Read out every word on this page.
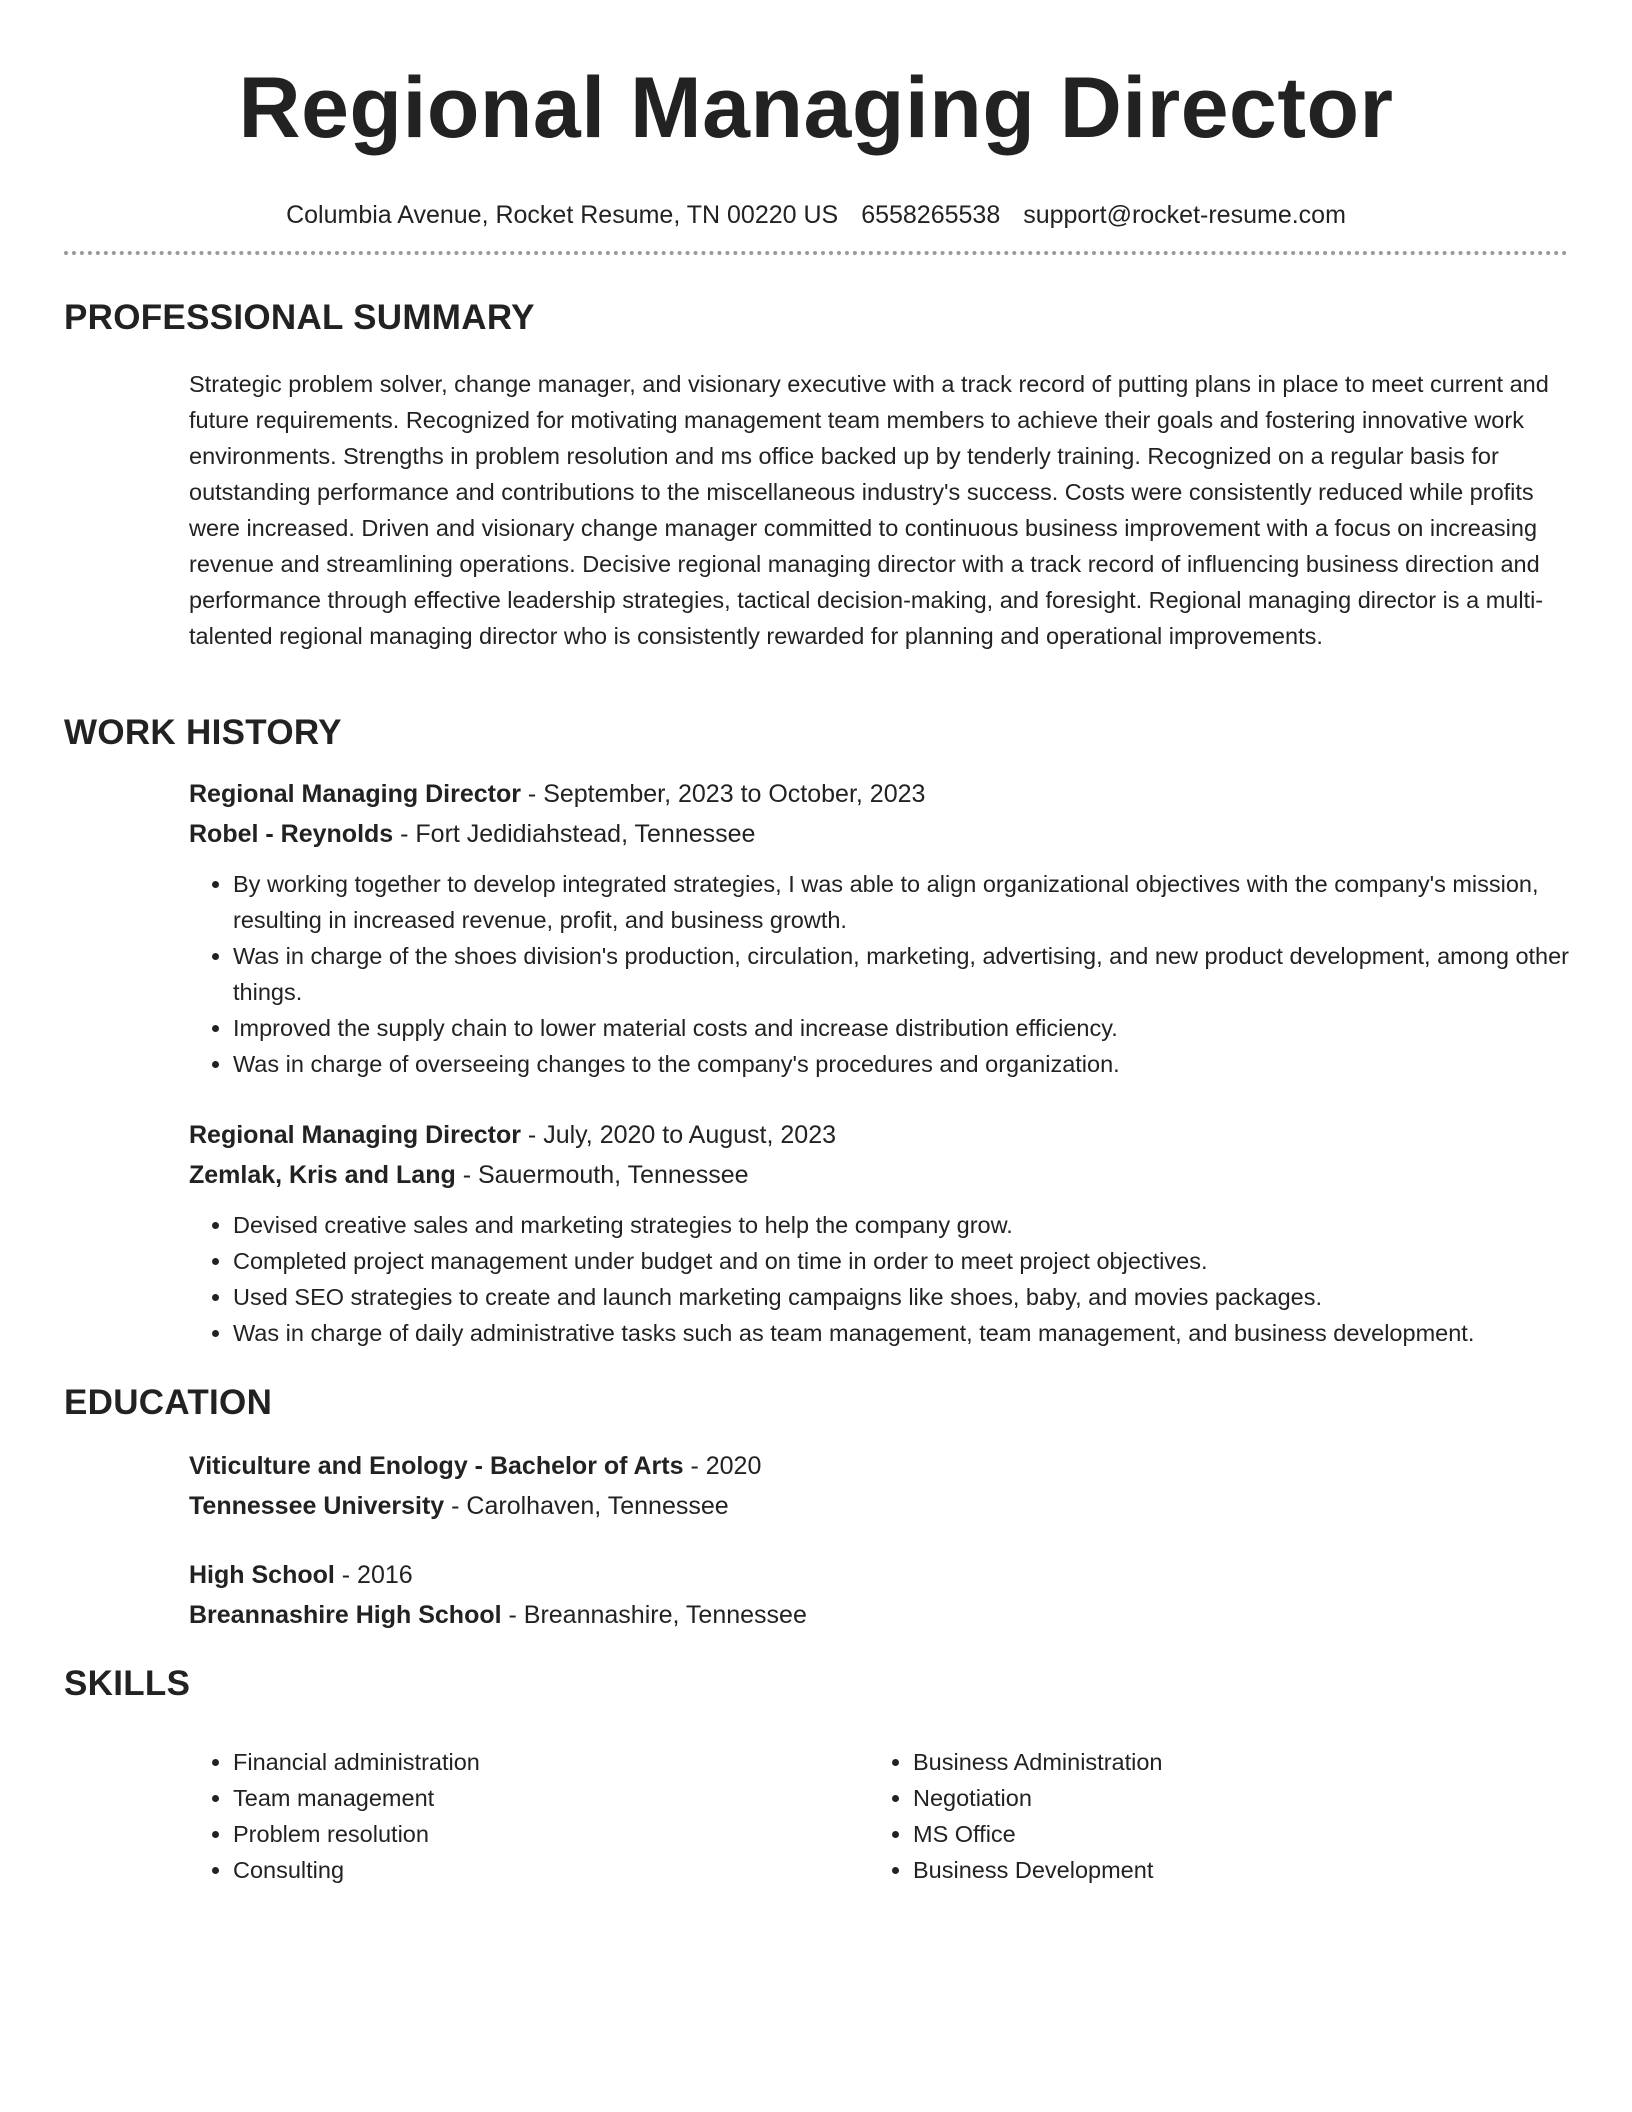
Regional Managing Director
Columbia Avenue, Rocket Resume, TN 00220 US 6558265538 support@rocket-resume.com
PROFESSIONAL SUMMARY
Strategic problem solver, change manager, and visionary executive with a track record of putting plans in place to meet current and future requirements. Recognized for motivating management team members to achieve their goals and fostering innovative work environments. Strengths in problem resolution and ms office backed up by tenderly training. Recognized on a regular basis for outstanding performance and contributions to the miscellaneous industry's success. Costs were consistently reduced while profits were increased. Driven and visionary change manager committed to continuous business improvement with a focus on increasing revenue and streamlining operations. Decisive regional managing director with a track record of influencing business direction and performance through effective leadership strategies, tactical decision-making, and foresight. Regional managing director is a multi-talented regional managing director who is consistently rewarded for planning and operational improvements.
WORK HISTORY
Regional Managing Director - September, 2023 to October, 2023
Robel - Reynolds - Fort Jedidiahstead, Tennessee
• By working together to develop integrated strategies, I was able to align organizational objectives with the company's mission, resulting in increased revenue, profit, and business growth.
• Was in charge of the shoes division's production, circulation, marketing, advertising, and new product development, among other things.
• Improved the supply chain to lower material costs and increase distribution efficiency.
• Was in charge of overseeing changes to the company's procedures and organization.
Regional Managing Director - July, 2020 to August, 2023
Zemlak, Kris and Lang - Sauermouth, Tennessee
• Devised creative sales and marketing strategies to help the company grow.
• Completed project management under budget and on time in order to meet project objectives.
• Used SEO strategies to create and launch marketing campaigns like shoes, baby, and movies packages.
• Was in charge of daily administrative tasks such as team management, team management, and business development.
EDUCATION
Viticulture and Enology - Bachelor of Arts - 2020
Tennessee University - Carolhaven, Tennessee
High School - 2016
Breannashire High School - Breannashire, Tennessee
SKILLS
• Financial administration
• Team management
• Problem resolution
• Consulting
• Business Administration
• Negotiation
• MS Office
• Business Development
